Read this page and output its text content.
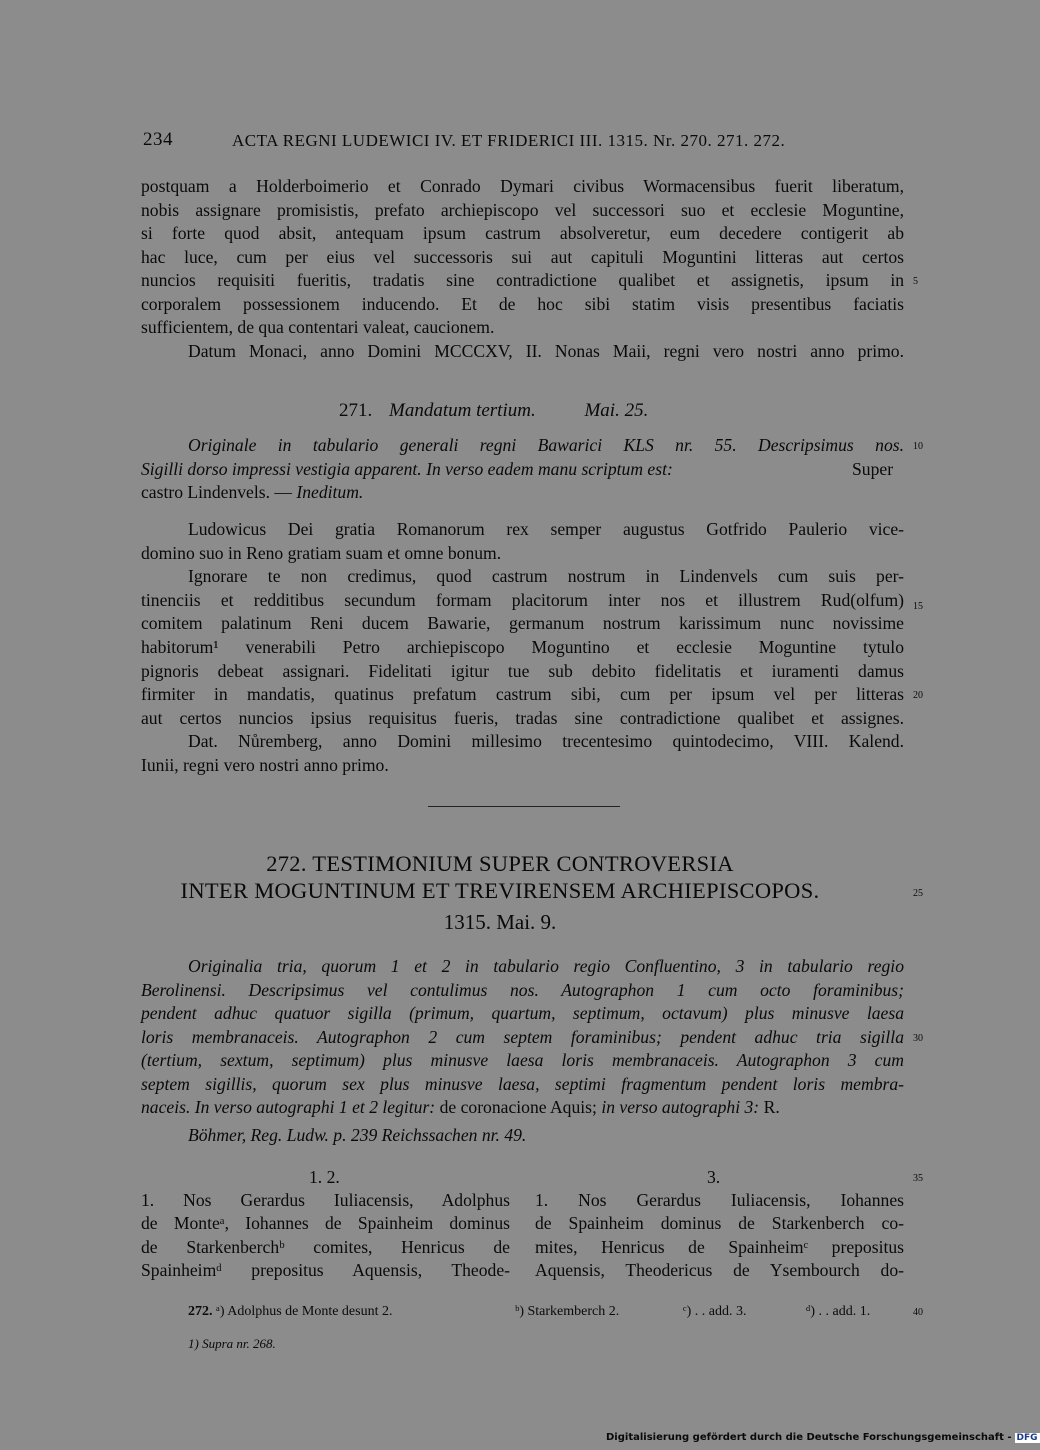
234	ACTA REGNI LUDEWICI IV. ET FRIDERICI III. 1315. Nr. 270. 271. 272.
postquam a Holderboimerio et Conrado Dymari civibus Wormacensibus fuerit liberatum,
nobis assignare promisistis, prefato archiepiscopo vel successori suo et ecclesie Moguntine,
si forte quod absit, antequam ipsum castrum absolveretur, eum decedere contigerit ab
hac luce, cum per eius vel successoris sui aut capituli Moguntini litteras aut certos
nuncios requisiti fueritis, tradatis sine contradictione qualibet et assignetis, ipsum in
corporalem possessionem inducendo. Et de hoc sibi statim visis presentibus faciatis
sufficientem, de qua contentari valeat, caucionem.
Datum Monaci, anno Domini MCCCXV, II. Nonas Maii, regni vero nostri anno primo.
271. Mandatum tertium.	Mai. 25.
Originale in tabulario generali regni Bawarici KLS nr. 55. Descripsimus nos.
Sigilli dorso impressi vestigia apparent. In verso eadem manu scriptum est:	Super
castro Lindenvels. — Ineditum.
Ludowicus Dei gratia Romanorum rex semper augustus Gotfrido Paulerio vice-
domino suo in Reno gratiam suam et omne bonum.
Ignorare te non credimus, quod castrum nostrum in Lindenvels cum suis per-
tinenciis et redditibus secundum formam placitorum inter nos et illustrem Rud(olfum)
comitem palatinum Reni ducem Bawarie, germanum nostrum karissimum nunc novissime
habitorum¹ venerabili Petro archiepiscopo Moguntino et ecclesie Moguntine tytulo
pignoris debeat assignari. Fidelitati igitur tue sub debito fidelitatis et iuramenti damus
firmiter in mandatis, quatinus prefatum castrum sibi, cum per ipsum vel per litteras
aut certos nuncios ipsius requisitus fueris, tradas sine contradictione qualibet et assignes.
Dat. Nůremberg, anno Domini millesimo trecentesimo quintodecimo, VIII. Kalend.
Iunii, regni vero nostri anno primo.
272. TESTIMONIUM SUPER CONTROVERSIA
INTER MOGUNTINUM ET TREVIRENSEM ARCHIEPISCOPOS.
1315. Mai. 9.
Originalia tria, quorum 1 et 2 in tabulario regio Confluentino, 3 in tabulario regio
Berolinensi. Descripsimus vel contulimus nos. Autographon 1 cum octo foraminibus;
pendent adhuc quatuor sigilla (primum, quartum, septimum, octavum) plus minusve laesa
loris membranaceis. Autographon 2 cum septem foraminibus; pendent adhuc tria sigilla
(tertium, sextum, septimum) plus minusve laesa loris membranaceis. Autographon 3 cum
septem sigillis, quorum sex plus minusve laesa, septimi fragmentum pendent loris membra-
naceis. In verso autographi 1 et 2 legitur: de coronacione Aquis; in verso autographi 3: R.
Böhmer, Reg. Ludw. p. 239 Reichssachen nr. 49.
1. 2.	3.
1. Nos Gerardus Iuliacensis, Adolphus
de Monteᵃ, Iohannes de Spainheim dominus
de Starkenberchᵇ comites, Henricus de
Spainheimᵈ prepositus Aquensis, Theode-
1. Nos Gerardus Iuliacensis, Iohannes
de Spainheim dominus de Starkenberch co-
mites, Henricus de Spainheimᶜ prepositus
Aquensis, Theodericus de Ysembourch do-
272. ᵃ) Adolphus de Monte desunt 2.	ᵇ) Starkemberch 2.	ᶜ) . . add. 3.	ᵈ) . . add. 1.
1) Supra nr. 268.
5
10
15
20
25
30
35
40
Digitalisierung gefördert durch die Deutsche Forschungsgemeinschaft - DFG
